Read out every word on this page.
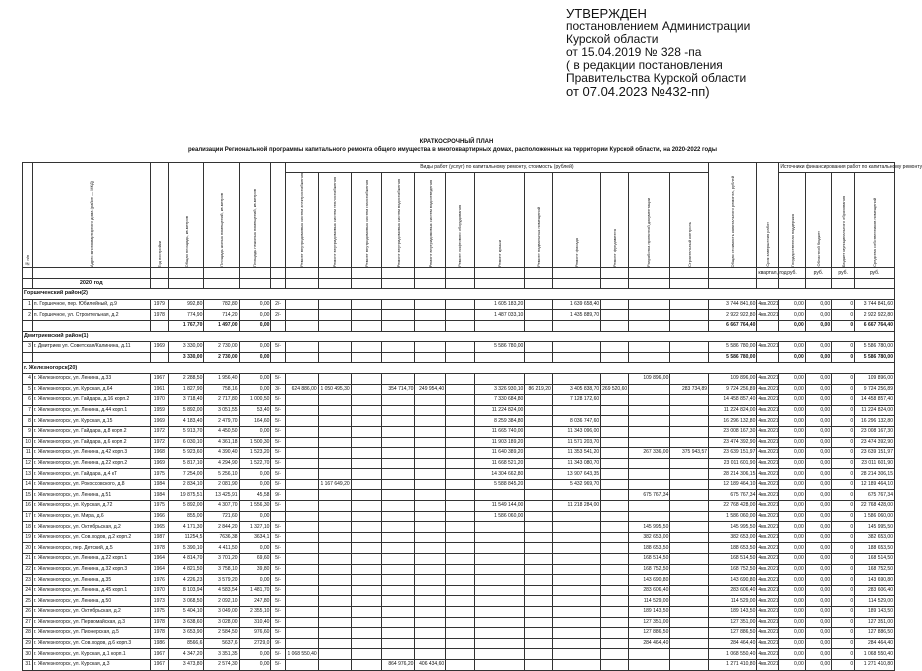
УТВЕРЖДЕН
постановлением Администрации
Курской области
от 15.04.2019 № 328 -па
( в редакции постановления
Правительства Курской области
от 07.04.2023 №432-пп)
КРАТКОСРОЧНЫЙ ПЛАН
реализации Региональной программы капитального ремонта общего имущества в многоквартирных домах, расположенных на территории Курской области, на 2020-2022 годы
№ п/п	Адрес многоквартирного дома (район — МКД)	Год постройки	Общая площадь, кв.метров	Площадь жилых помещений, кв.метров	Площадь нежилых помещений, кв.метров		Виды работ (услуг) по капитальному ремонту, стоимость (рублей)												Общая стоимость капитального ремонта, рублей	Срок завершения работ	Источники финансирования работ по капитальному ремонту			

							Ремонт внутридомовых систем электроснабжения	Ремонт внутридомовых систем теплоснабжения	Ремонт внутридомовых систем газоснабжения	Ремонт внутридомовых систем водоснабжения	Ремонт внутридомовых систем водоотведения	Ремонт лифтового оборудования	Ремонт крыши	Ремонт подвальных помещений	Ремонт фасада	Ремонт фундамента	Разработка проектной документации	Строительный контроль			Государственная поддержка	Областной бюджет	Бюджет муниципального образования	Средства собственников помещений

																				квартал, год	руб.	руб.	руб.	руб.
	2020 год																							
Горшеченский район(2)																								
1	п. Горшечное, пер. Юбилейный, д.9	1979	992,80	782,80	0,00	2/-							1 605 183,20		1 639 658,40				3 744 841,60	4кв.2021	0,00	0,00	0	3 744 841,60
2	п. Горшечное, ул. Строительная, д.2	1978	774,90	714,20	0,00	2/-							1 487 033,10		1 435 889,70				2 922 922,80	4кв.2021	0,00	0,00	0	2 922 922,80
			1 767,70	1 497,00	0,00														6 667 764,40		0,00	0,00	0	6 667 764,40
Дмитриевский район(1)																								
3	г. Дмитриев ул. Советская/Калинина, д.11	1969	3 330,00	2 730,00	0,00	5/-							5 586 780,00						5 586 780,00	4кв.2021	0,00	0,00	0	5 586 780,00
			3 330,00	2 730,00	0,00														5 586 780,00		0,00	0,00	0	5 586 780,00
г. Железногорск(20)																								
4	г. Железногорск, ул. Ленина, д.33	1967	2 288,50	1 956,40	0,00	5/-											109 896,00		109 896,00	4кв.2021	0,00	0,00	0	109 896,00
5	г. Железногорск, ул. Курская, д.64	1961	1 827,90	758,16	0,00	3/-	624 886,00	1 050 495,30		354 714,70	249 954,40		3 326 930,10	86 219,20	3 405 838,70	269 520,60		283 734,89	9 724 256,89	4кв.2021	0,00	0,00	0	9 724 256,89
6	г. Железногорск, ул. Гайдара, д.16 корп.2	1970	3 718,40	2 717,80	1 000,50	5/-							7 330 684,80		7 128 172,60				14 458 857,40	4кв.2021	0,00	0,00	0	14 458 857,40
7	г. Железногорск, ул. Ленина, д.44 корп.1	1959	5 892,00	3 051,55	53,40	5/-							11 224 824,00						11 224 824,00	4кв.2021	0,00	0,00	0	11 224 824,00
8	г. Железногорск, ул. Курская, д.15	1969	4 183,40	2 479,70	164,60	5/-							8 259 384,80		8 036 747,60				16 296 132,80	4кв.2021	0,00	0,00	0	16 296 132,80
9	г. Железногорск, ул. Гайдара, д.8 корп.2	1972	5 913,70	4 450,50	0,00	5/-							11 665 740,00		11 343 096,00				23 008 167,30	4кв.2021	0,00	0,00	0	23 008 167,30
10	г. Железногорск, ул. Гайдара, д.6 корп.2	1972	6 030,10	4 361,18	1 500,30	5/-							11 903 189,20		11 571 203,70				23 474 392,90	4кв.2021	0,00	0,00	0	23 474 392,90
11	г. Железногорск, ул. Ленина, д.42 корп.3	1968	5 923,60	4 390,40	1 523,20	5/-							11 640 389,20		11 353 541,20		267 336,00	375 943,57	23 639 151,97	4кв.2021	0,00	0,00	0	23 639 151,97
12	г. Железногорск, ул. Ленина, д.22 корп.2	1969	5 817,10	4 294,90	1 522,70	5/-							11 668 521,20		11 343 080,70				23 011 601,90	4кв.2021	0,00	0,00	0	23 011 601,90
13	г. Железногорск, ул. Гайдара, д.4 кТ	1975	7 254,00	5 256,10	0,00	5/-							14 304 662,80		13 907 643,35				28 214 306,15	4кв.2021	0,00	0,00	0	28 214 306,15
14	г. Железногорск, ул. Рокоссовского, д.8	1984	2 834,10	2 081,90	0,00	5/-		1 167 649,20					5 588 845,20		5 432 969,70				12 189 464,10	4кв.2021	0,00	0,00	0	12 189 464,10
15	г. Железногорск, ул. Ленина, д.51	1984	19 875,51	13 425,91	45,58	9/-											675 767,34		675 767,34	4кв.2021	0,00	0,00	0	675 767,34
16	г. Железногорск, ул. Курская, д.72	1975	5 892,00	4 307,70	1 556,30	5/-							11 549 144,00		11 218 284,00				22 768 428,00	4кв.2021	0,00	0,00	0	22 768 428,00
17	г. Железногорск, ул. Мира, д.6	1966	855,00	721,60	0,00								1 586 060,00						1 586 060,00	4кв.2021	0,00	0,00	0	1 586 060,00
18	г. Железногорск, ул. Октябрьская, д.2	1965	4 171,30	2 844,20	1 327,10	5/-											145 995,50		145 995,50	4кв.2021	0,00	0,00	0	145 995,50
19	г. Железногорск, ул. Сов.ходов, д.2 корп.2	1987	11254,5	7636,38	3634,1	5/-											382 653,00		382 653,00	4кв.2021	0,00	0,00	0	382 653,00
20	г. Железногорск, пер. Детский, д.5	1978	5 390,10	4 411,50	0,00	5/-											188 653,50		188 653,50	4кв.2021	0,00	0,00	0	188 653,50
21	г. Железногорск, ул. Ленина, д.22 корп.1	1964	4 814,70	3 701,20	69,60	5/-											168 514,50		168 514,50	4кв.2021	0,00	0,00	0	168 514,50
22	г. Железногорск, ул. Ленина, д.32 корп.3	1964	4 821,50	3 758,10	39,80	5/-											168 752,50		168 752,50	4кв.2021	0,00	0,00	0	168 752,50
23	г. Железногорск, ул. Ленина, д.35	1976	4 226,23	3 579,20	0,00	5/-											143 690,80		143 690,80	4кв.2021	0,00	0,00	0	143 690,80
24	г. Железногорск, ул. Ленина, д.45 корп.1	1970	8 103,94	4 583,54	1 481,70	5/-											283 606,40		283 606,40	4кв.2021	0,00	0,00	0	283 606,40
25	г. Железногорск, ул. Ленина, д.50	1973	3 068,50	2 092,10	247,80	5/-											114 529,00		114 529,00	4кв.2021	0,00	0,00	0	114 529,00
26	г. Железногорск, ул. Октябрьская, д.2	1975	5 404,10	3 049,00	2 355,10	5/-											189 143,50		189 143,50	4кв.2021	0,00	0,00	0	189 143,50
27	г. Железногорск, ул. Первомайская, д.3	1978	3 638,60	3 028,00	310,40	5/-											127 351,00		127 351,00	4кв.2021	0,00	0,00	0	127 351,00
28	г. Железногорск, ул. Пионерская, д.5	1978	3 653,90	2 584,50	976,60	5/-											127 886,50		127 886,50	4кв.2021	0,00	0,00	0	127 886,50
29	г. Железногорск, ул. Сов.ходов, д.6 корп.3	1986	8566,6	5637,6	2729,0	9/-											284 464,40		284 464,40	4кв.2021	0,00	0,00	0	284 464,40
30	г. Железногорск, ул. Курская, д.1 корп.1	1967	4 347,20	3 351,35	0,00	5/-	1 068 550,40												1 068 550,40	4кв.2021	0,00	0,00	0	1 068 550,40
31	г. Железногорск, ул. Курская, д.3	1967	3 473,80	2 574,30	0,00	5/-				864 976,20	406 434,60								1 271 410,80	4кв.2021	0,00	0,00	0	1 271 410,80
